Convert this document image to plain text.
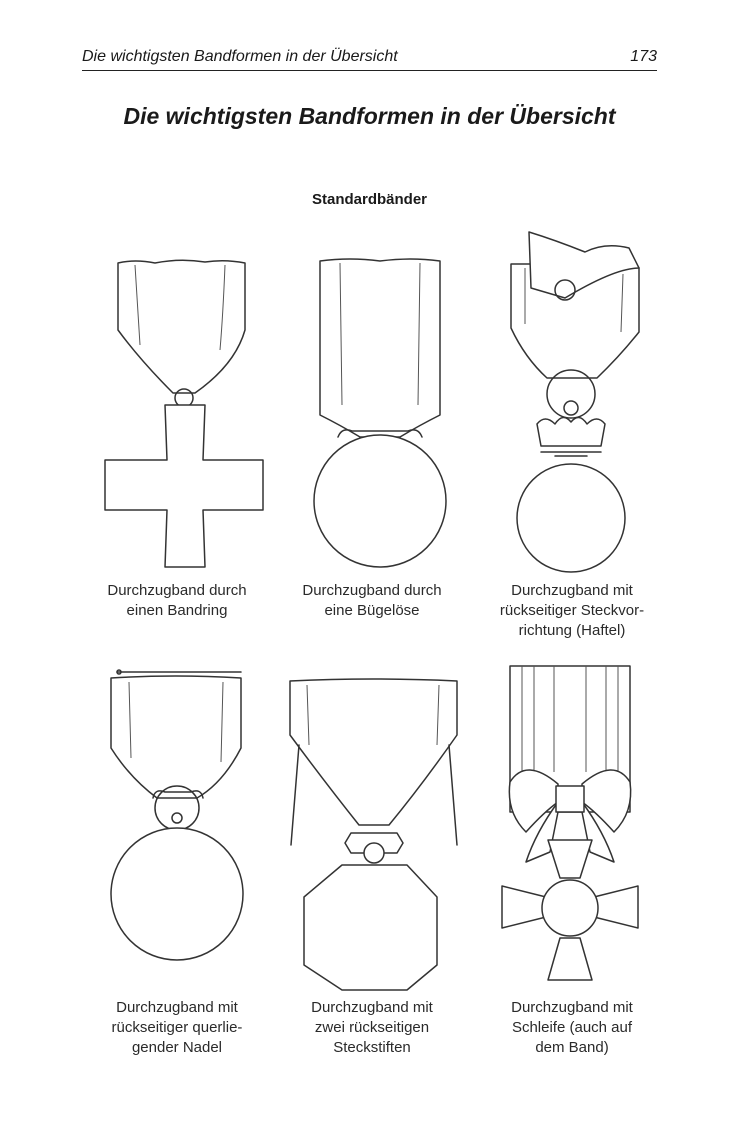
Die wichtigsten Bandformen in der Übersicht	173
Die wichtigsten Bandformen in der Übersicht
Standardbänder
Durchzugband durch
einen Bandring
Durchzugband durch
eine Bügelöse
Durchzugband mit
rückseitiger Steckvor-
richtung (Haftel)
Durchzugband mit
rückseitiger querlie-
gender Nadel
Durchzugband mit
zwei rückseitigen
Steckstiften
Durchzugband mit
Schleife (auch auf
dem Band)
